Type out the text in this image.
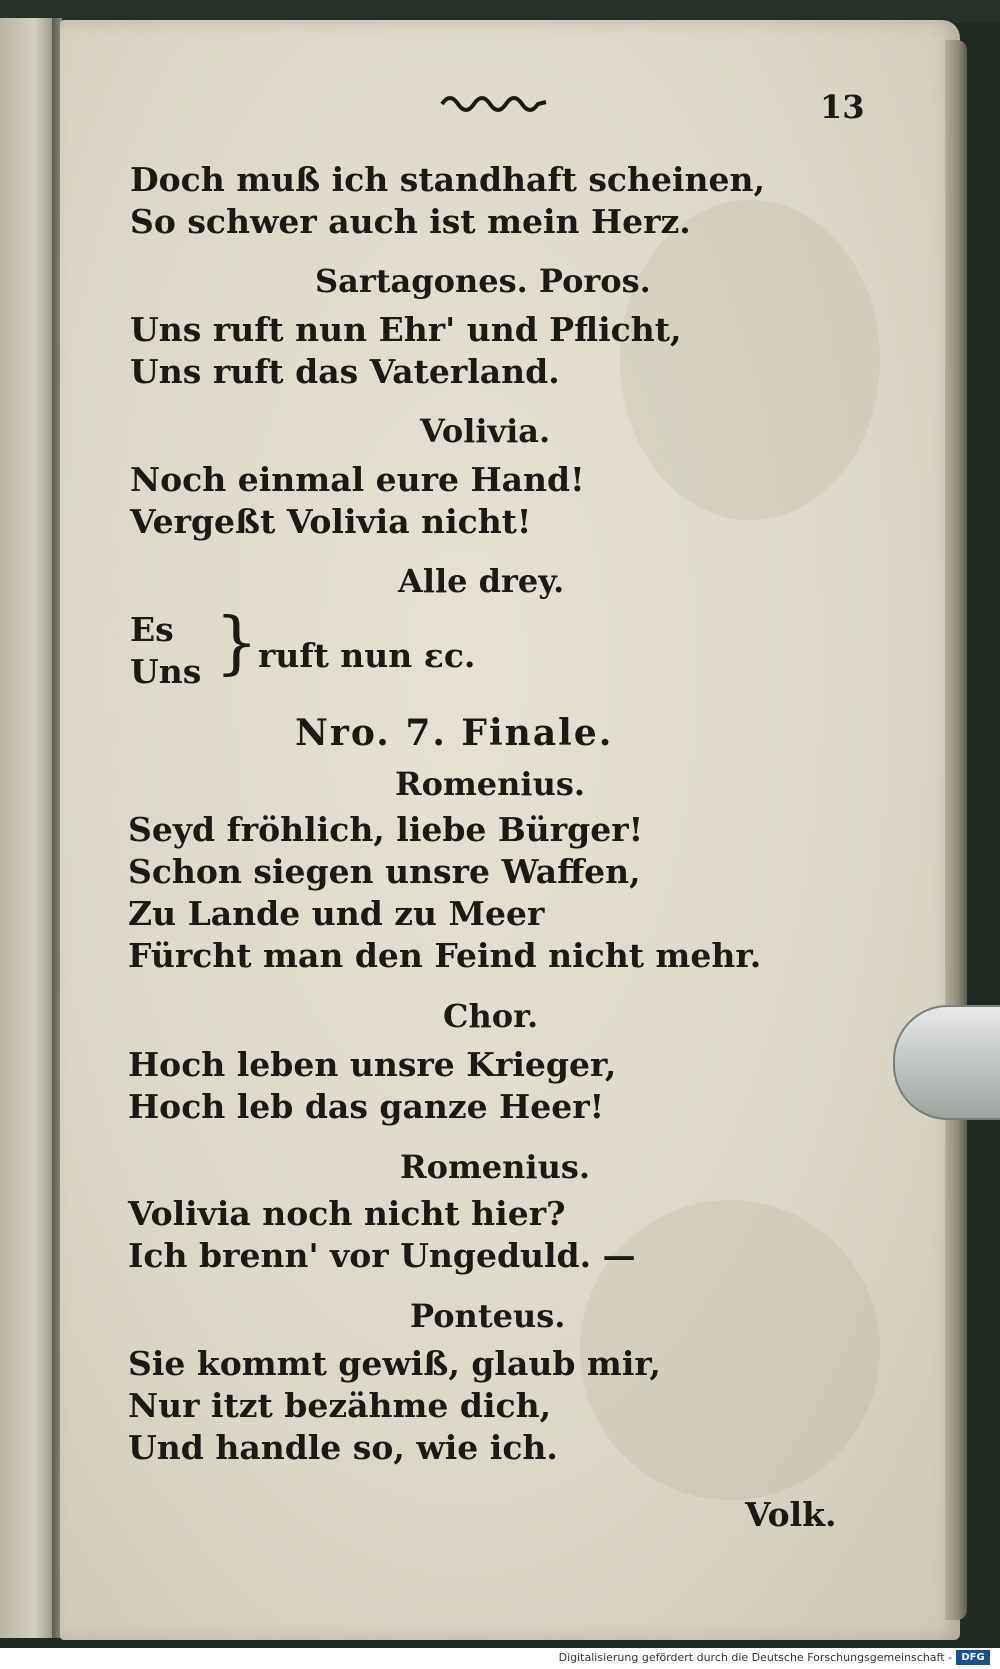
13
Doch muß ich standhaft scheinen,
So schwer auch ist mein Herz.
Sartagones. Poros.
Uns ruft nun Ehr' und Pflicht,
Uns ruft das Vaterland.
Volivia.
Noch einmal eure Hand!
Vergeßt Volivia nicht!
Alle drey.
Es
Uns } ruft nun ɛc.
Nro. 7. Finale.
Romenius.
Seyd fröhlich, liebe Bürger!
Schon siegen unsre Waffen,
Zu Lande und zu Meer
Fürcht man den Feind nicht mehr.
Chor.
Hoch leben unsre Krieger,
Hoch leb das ganze Heer!
Romenius.
Volivia noch nicht hier?
Ich brenn' vor Ungeduld. —
Ponteus.
Sie kommt gewiß, glaub mir,
Nur itzt bezähme dich,
Und handle so, wie ich.
Volk.
Digitalisierung gefördert durch die Deutsche Forschungsgemeinschaft - DFG
